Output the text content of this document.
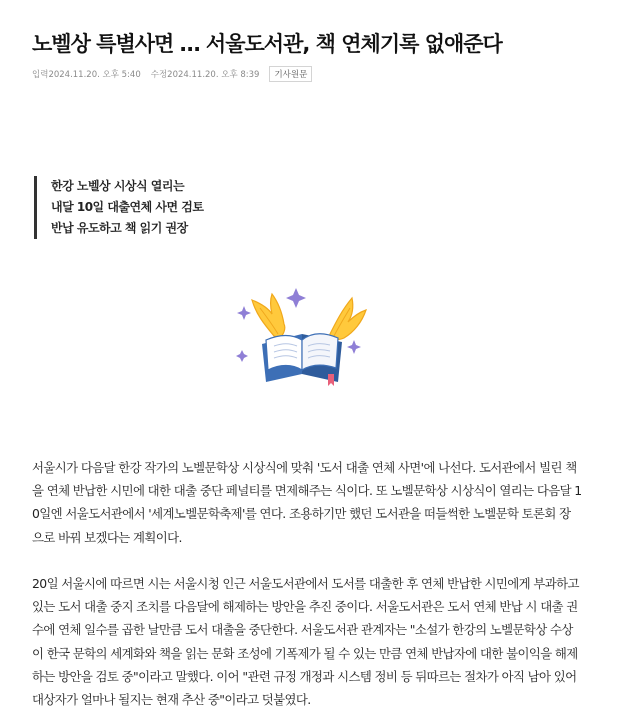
노벨상 특별사면 … 서울도서관, 책 연체기록 없애준다
입력 2024.11.20. 오후 5:40 수정 2024.11.20. 오후 8:39	기사원문
한강 노벨상 시상식 열리는
내달 10일 대출연체 사면 검토
반납 유도하고 책 읽기 권장
서울시가 다음달 한강 작가의 노벨문학상 시상식에 맞춰 '도서 대출 연체 사면'에 나선다. 도서관에서 빌린 책
을 연체 반납한 시민에 대한 대출 중단 페널티를 면제해주는 식이다. 또 노벨문학상 시상식이 열리는 다음달 1
0일엔 서울도서관에서 '세계노벨문학축제'를 연다. 조용하기만 했던 도서관을 떠들썩한 노벨문학 토론회 장
으로 바꿔 보겠다는 계획이다.
20일 서울시에 따르면 시는 서울시청 인근 서울도서관에서 도서를 대출한 후 연체 반납한 시민에게 부과하고
있는 도서 대출 중지 조치를 다음달에 해제하는 방안을 추진 중이다. 서울도서관은 도서 연체 반납 시 대출 권
수에 연체 일수를 곱한 날만큼 도서 대출을 중단한다. 서울도서관 관계자는 "소설가 한강의 노벨문학상 수상
이 한국 문학의 세계화와 책을 읽는 문화 조성에 기폭제가 될 수 있는 만큼 연체 반납자에 대한 불이익을 해제
하는 방안을 검토 중"이라고 말했다. 이어 "관련 규정 개정과 시스템 정비 등 뒤따르는 절차가 아직 남아 있어
대상자가 얼마나 될지는 현재 추산 중"이라고 덧붙였다.
